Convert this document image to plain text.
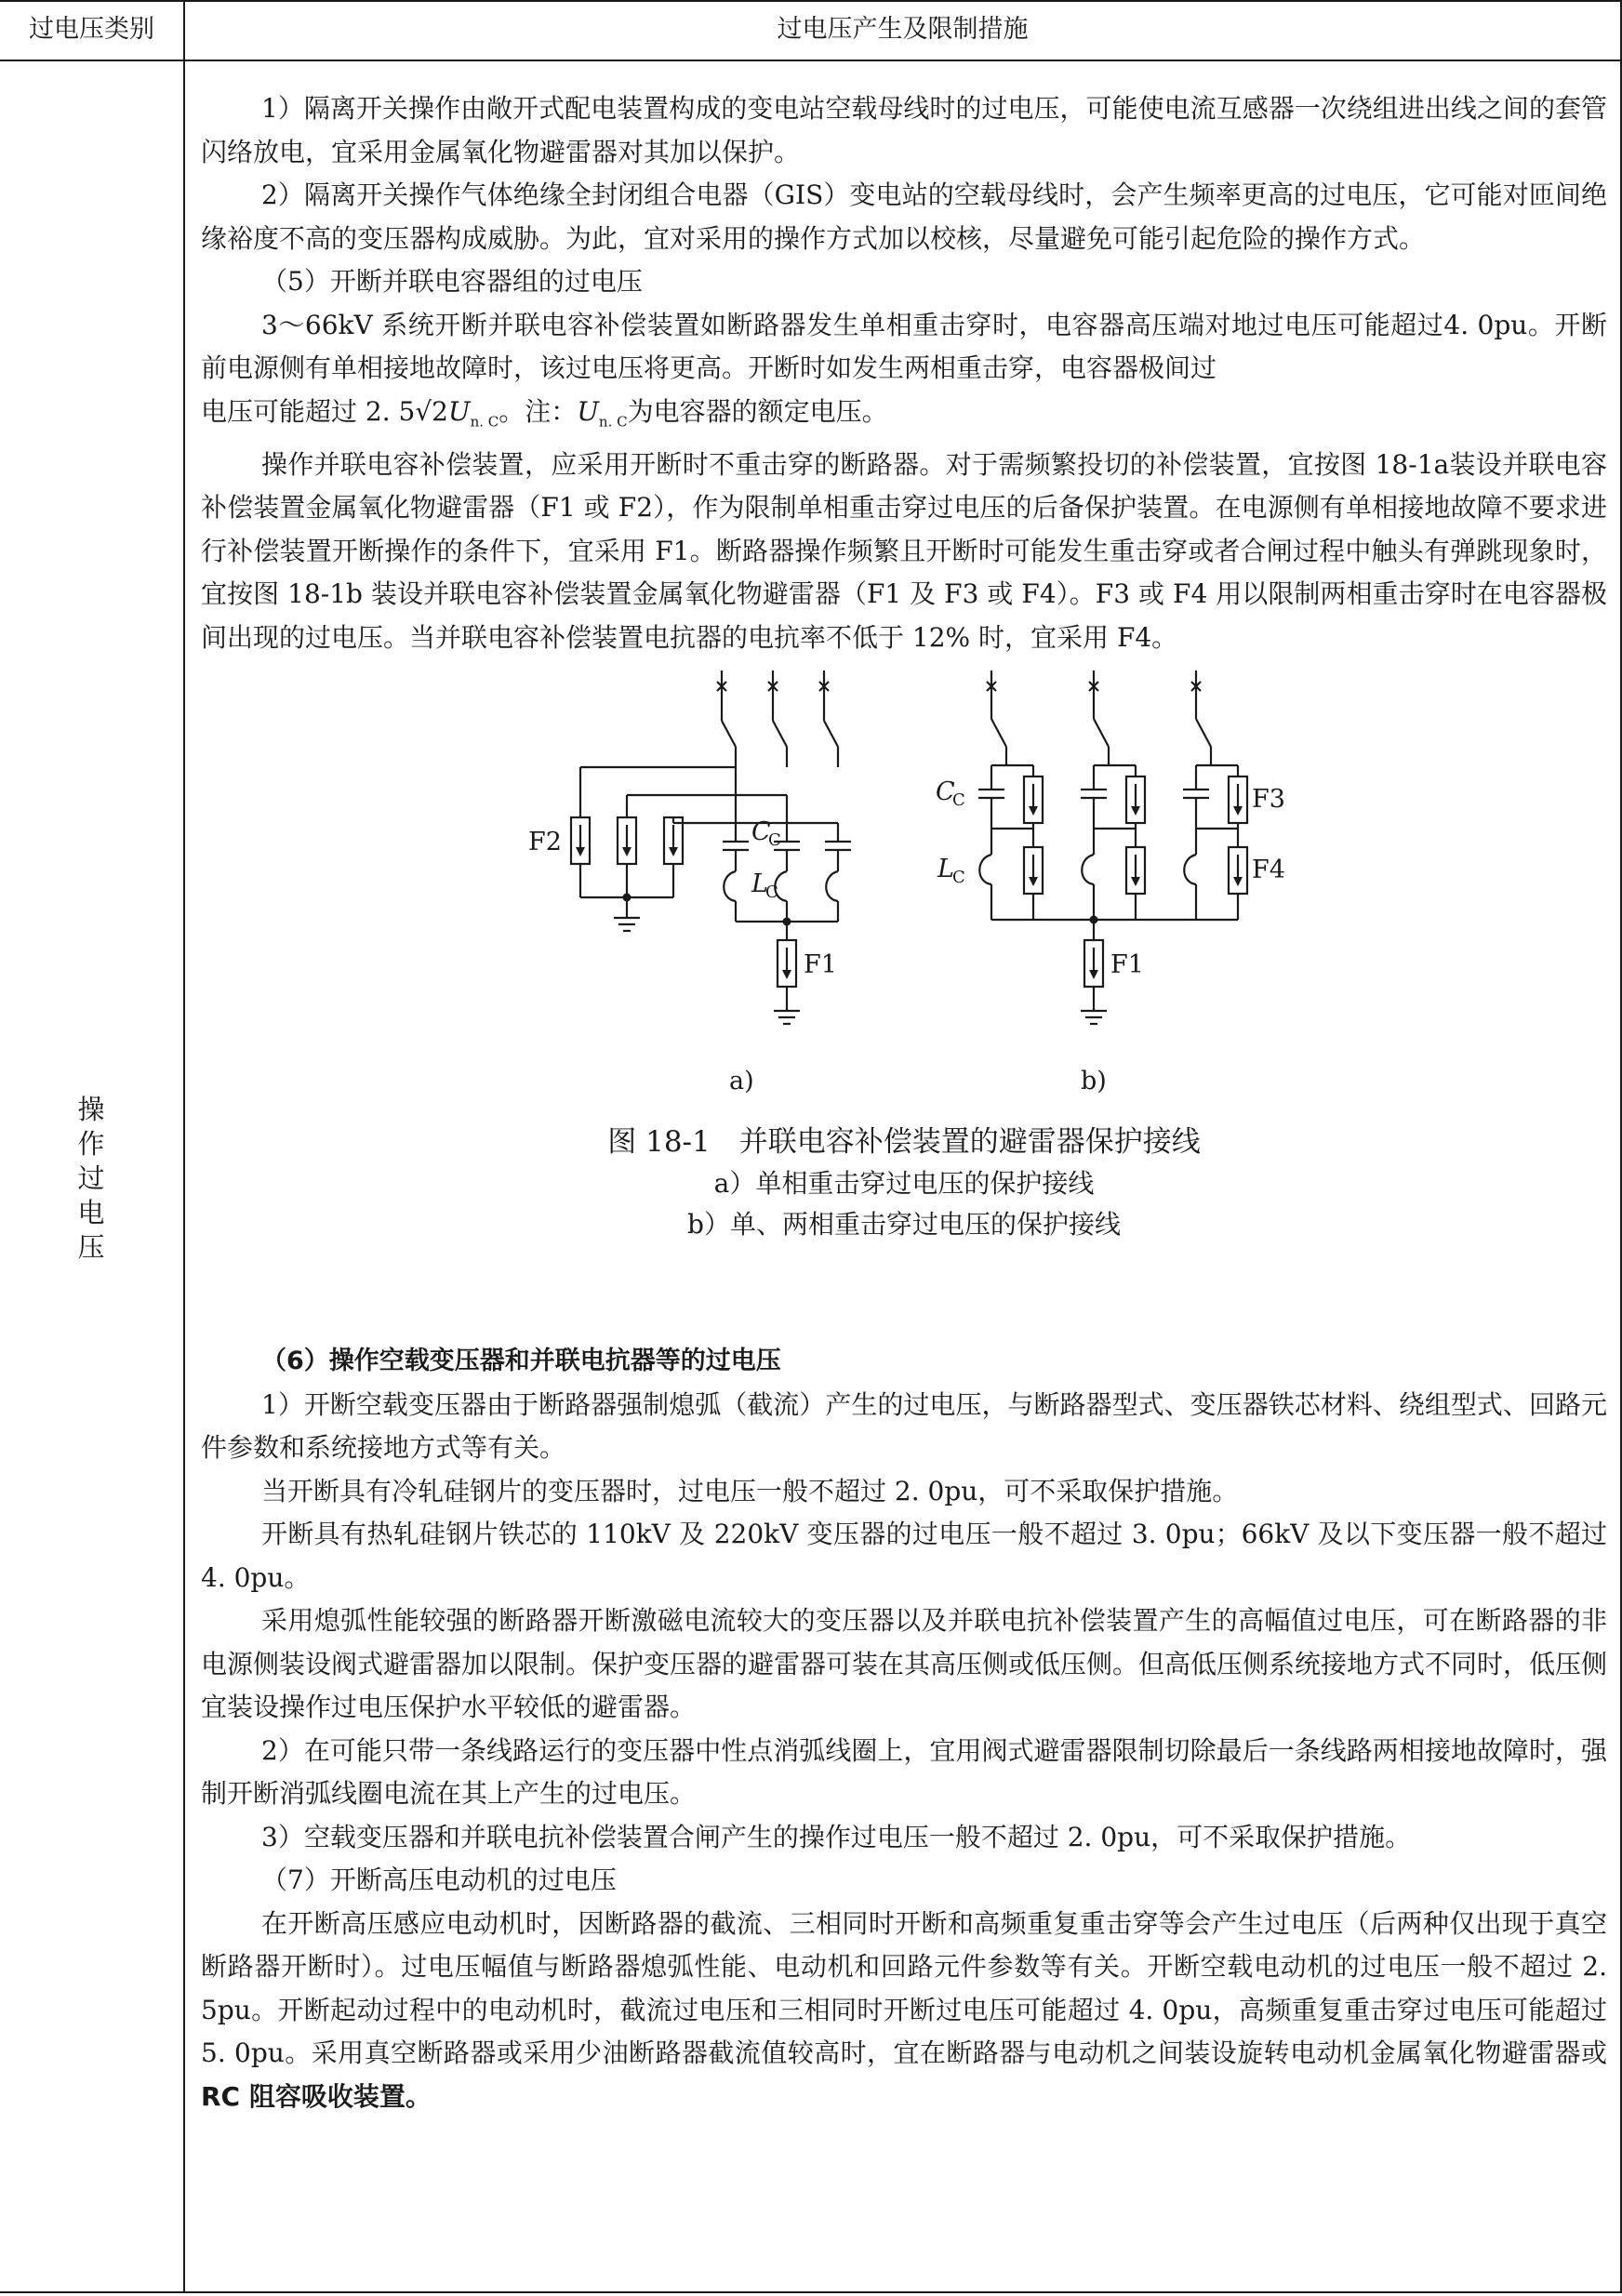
过电压类别	过电压产生及限制措施
操作过电压

1）隔离开关操作由敞开式配电装置构成的变电站空载母线时的过电压，可能使电流互感器一次绕组进出线之间的套管闪络放电，宜采用金属氧化物避雷器对其加以保护。

2）隔离开关操作气体绝缘全封闭组合电器（GIS）变电站的空载母线时，会产生频率更高的过电压，它可能对匝间绝缘裕度不高的变压器构成威胁。为此，宜对采用的操作方式加以校核，尽量避免可能引起危险的操作方式。

（5）开断并联电容器组的过电压

3～66kV 系统开断并联电容补偿装置如断路器发生单相重击穿时，电容器高压端对地过电压可能超过4. 0pu。开断前电源侧有单相接地故障时，该过电压将更高。开断时如发生两相重击穿，电容器极间过

电压可能超过 2. $5√2U_{n. C}$。注：$U_{n. C}$为电容器的额定电压。

操作并联电容补偿装置，应采用开断时不重击穿的断路器。对于需频繁投切的补偿装置，宜按图 18-1a装设并联电容补偿装置金属氧化物避雷器（F1 或 F2），作为限制单相重击穿过电压的后备保护装置。在电源侧有单相接地故障不要求进行补偿装置开断操作的条件下，宜采用 F1。断路器操作频繁且开断时可能发生重击穿或者合闸过程中触头有弹跳现象时，宜按图 18-1b 装设并联电容补偿装置金属氧化物避雷器（F1 及 F3 或 F4）。F3 或 F4 用以限制两相重击穿时在电容器极间出现的过电压。当并联电容补偿装置电抗器的电抗率不低于 12% 时，宜采用 F4。

F2	C
C
L
C
F1
a)
C
C
L
C
F3
F4
F1
b)
图 18-1　并联电容补偿装置的避雷器保护接线
a）单相重击穿过电压的保护接线
b）单、两相重击穿过电压的保护接线

（6）操作空载变压器和并联电抗器等的过电压

1）开断空载变压器由于断路器强制熄弧（截流）产生的过电压，与断路器型式、变压器铁芯材料、绕组型式、回路元件参数和系统接地方式等有关。

当开断具有冷轧硅钢片的变压器时，过电压一般不超过 2. 0pu，可不采取保护措施。

开断具有热轧硅钢片铁芯的 110kV 及 220kV 变压器的过电压一般不超过 3. 0pu；66kV 及以下变压器一般不超过 4. 0pu。

采用熄弧性能较强的断路器开断激磁电流较大的变压器以及并联电抗补偿装置产生的高幅值过电压，可在断路器的非电源侧装设阀式避雷器加以限制。保护变压器的避雷器可装在其高压侧或低压侧。但高低压侧系统接地方式不同时，低压侧宜装设操作过电压保护水平较低的避雷器。

2）在可能只带一条线路运行的变压器中性点消弧线圈上，宜用阀式避雷器限制切除最后一条线路两相接地故障时，强制开断消弧线圈电流在其上产生的过电压。

3）空载变压器和并联电抗补偿装置合闸产生的操作过电压一般不超过 2. 0pu，可不采取保护措施。

（7）开断高压电动机的过电压

在开断高压感应电动机时，因断路器的截流、三相同时开断和高频重复重击穿等会产生过电压（后两种仅出现于真空断路器开断时）。过电压幅值与断路器熄弧性能、电动机和回路元件参数等有关。开断空载电动机的过电压一般不超过 2. 5pu。开断起动过程中的电动机时，截流过电压和三相同时开断过电压可能超过 4. 0pu，高频重复重击穿过电压可能超过 5. 0pu。采用真空断路器或采用少油断路器截流值较高时，宜在断路器与电动机之间装设旋转电动机金属氧化物避雷器或RC 阻容吸收装置。
